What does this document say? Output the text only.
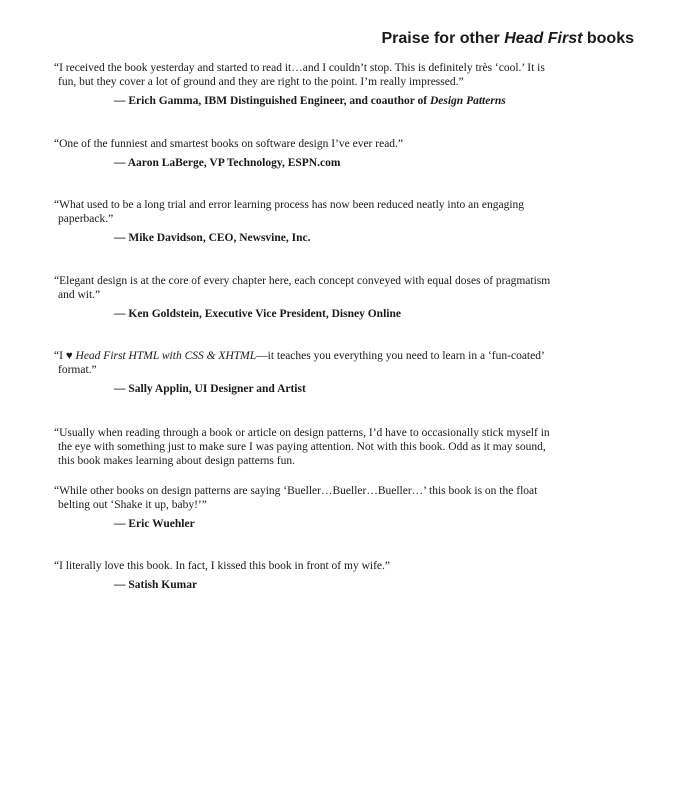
Praise for other Head First books

“I received the book yesterday and started to read it…and I couldn’t stop. This is definitely très ‘cool.’ It is fun, but they cover a lot of ground and they are right to the point. I’m really impressed.”

— Erich Gamma, IBM Distinguished Engineer, and coauthor of Design Patterns

“One of the funniest and smartest books on software design I’ve ever read.”

— Aaron LaBerge, VP Technology, ESPN.com

“What used to be a long trial and error learning process has now been reduced neatly into an engaging paperback.”

— Mike Davidson, CEO, Newsvine, Inc.

“Elegant design is at the core of every chapter here, each concept conveyed with equal doses of pragmatism and wit.”

— Ken Goldstein, Executive Vice President, Disney Online

“I ♥ Head First HTML with CSS & XHTML—it teaches you everything you need to learn in a ‘fun-coated’ format.”

— Sally Applin, UI Designer and Artist

“Usually when reading through a book or article on design patterns, I’d have to occasionally stick myself in the eye with something just to make sure I was paying attention. Not with this book. Odd as it may sound, this book makes learning about design patterns fun.

“While other books on design patterns are saying ‘Bueller…Bueller…Bueller…’ this book is on the float belting out ‘Shake it up, baby!’”

— Eric Wuehler

“I literally love this book. In fact, I kissed this book in front of my wife.”

— Satish Kumar
